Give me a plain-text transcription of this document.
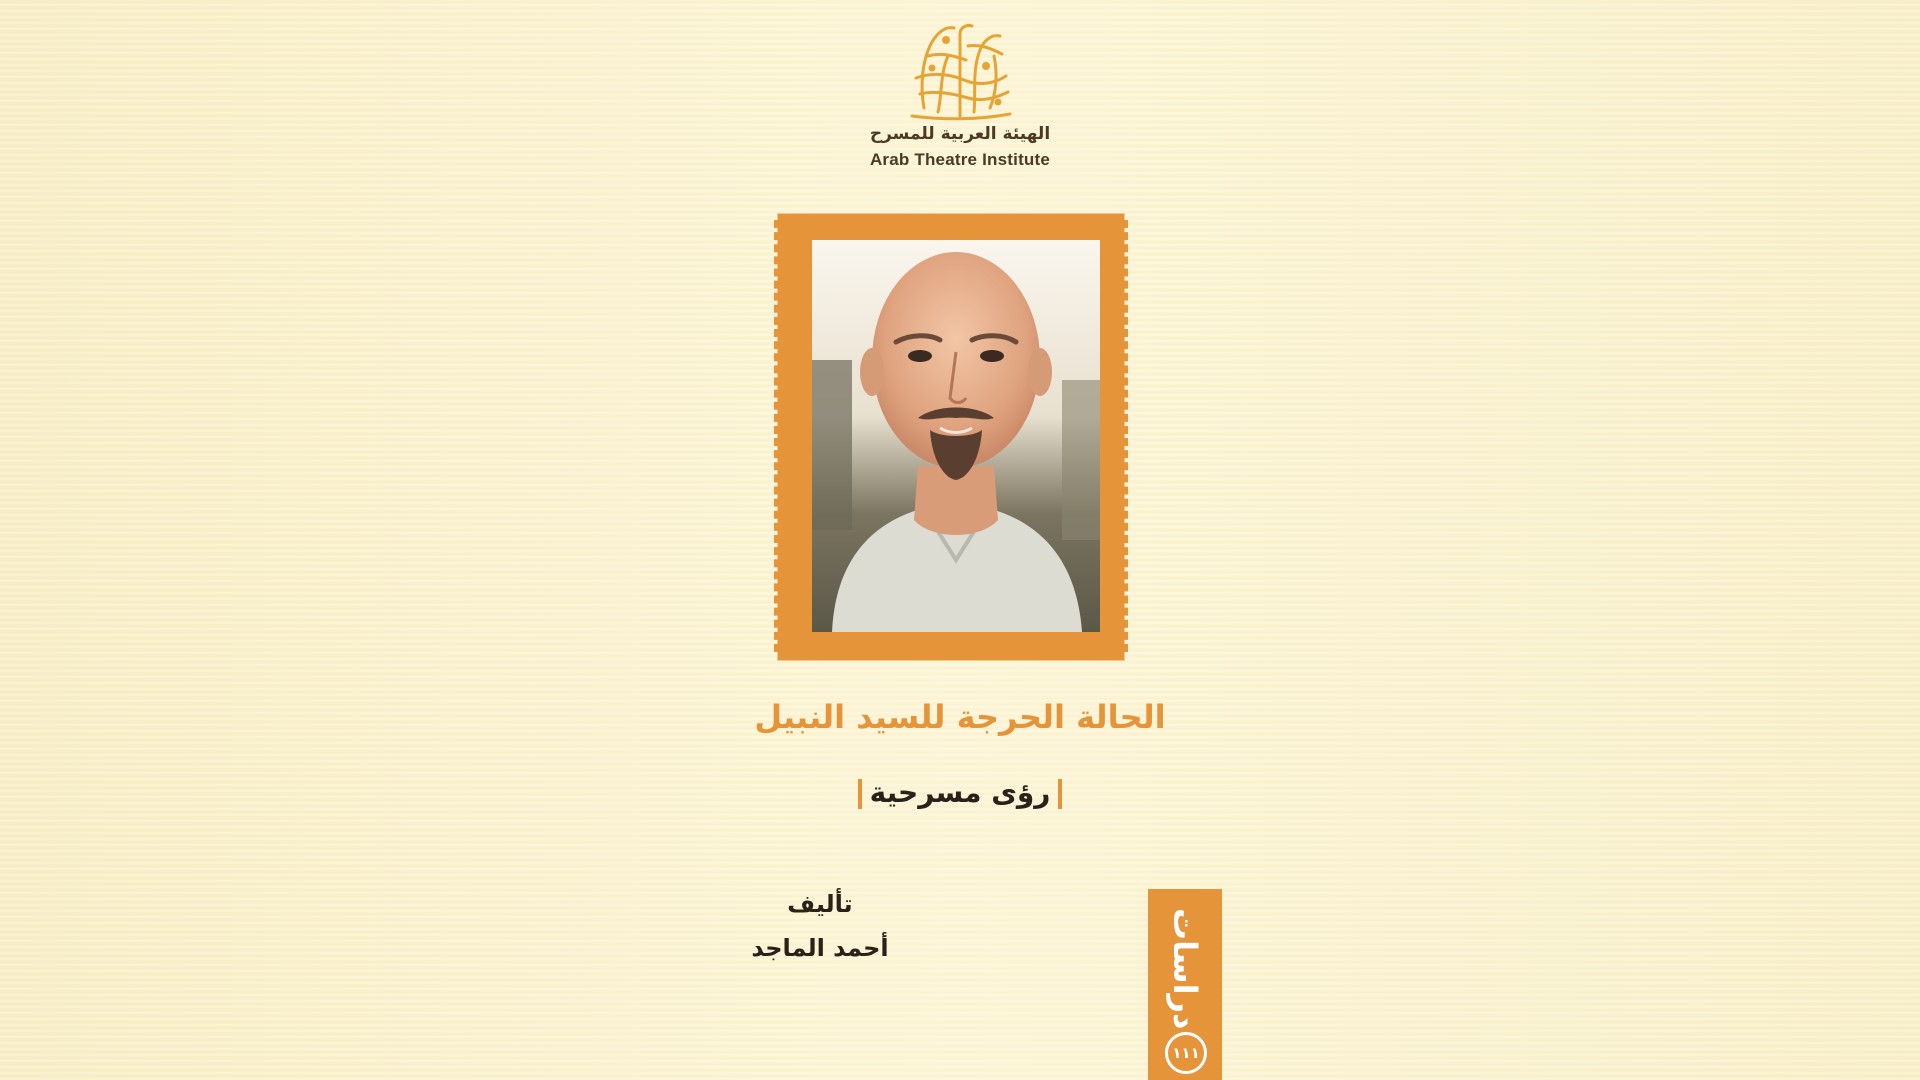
الهيئة العربية للمسرح
Arab Theatre Institute
الحالة الحرجة للسيد النبيل
رؤى مسرحية
تأليف
أحمد الماجد	دراسات
١١١
